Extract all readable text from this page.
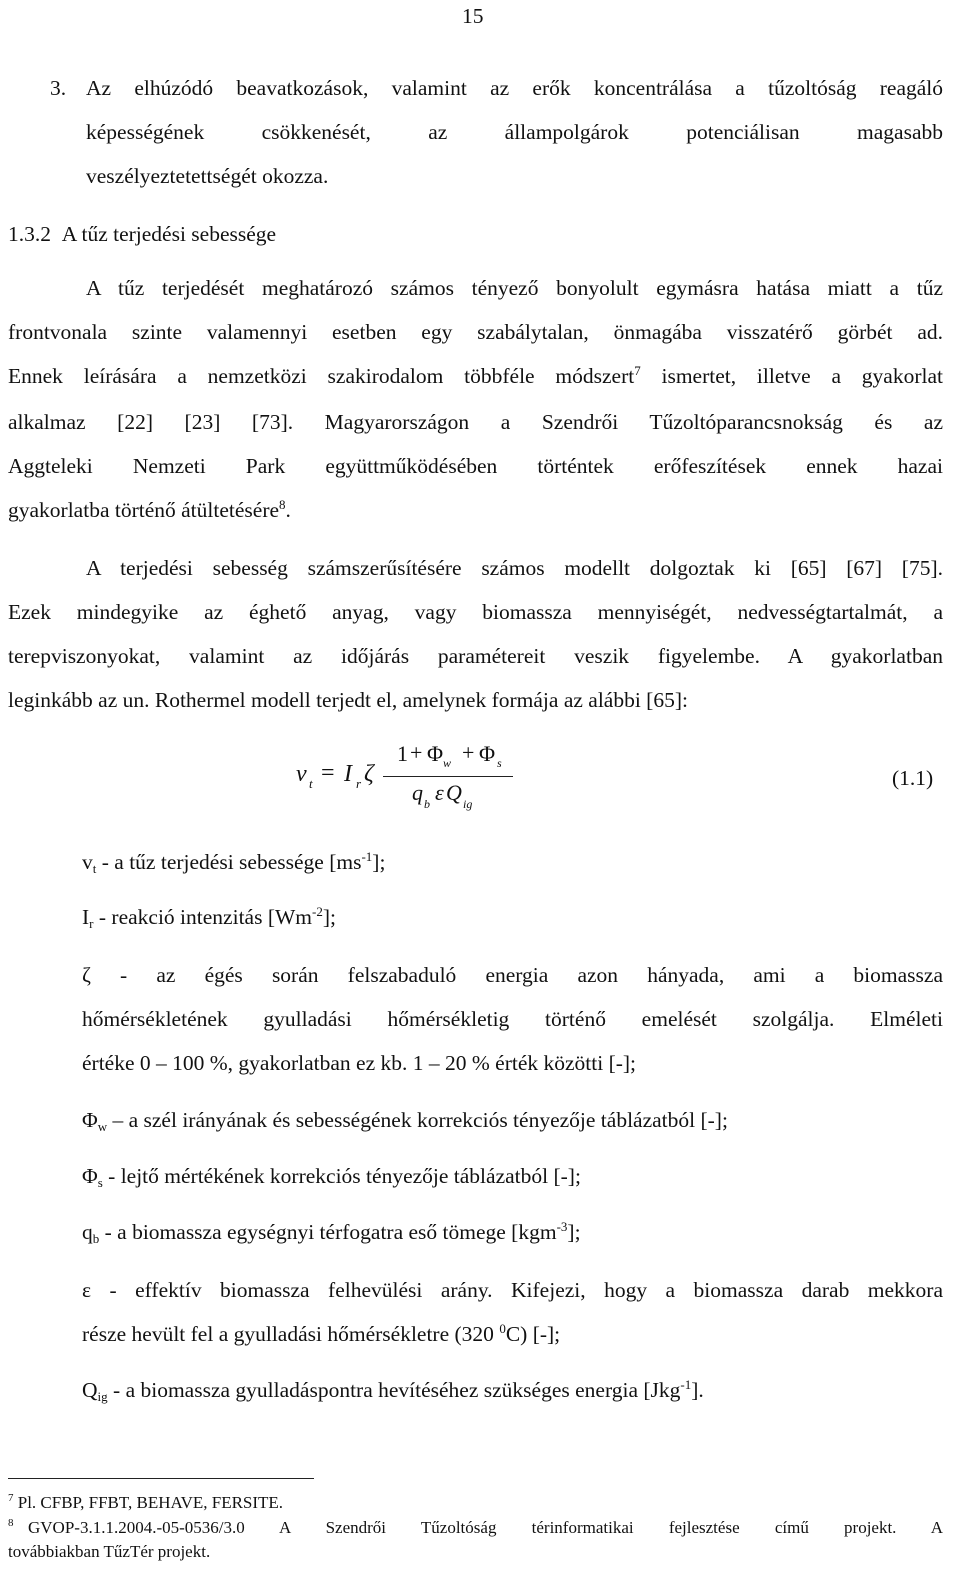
15
3. Az elhúzódó beavatkozások, valamint az erők koncentrálása a tűzoltóság reagáló
képességének csökkenését, az állampolgárok potenciálisan magasabb
veszélyeztetettségét okozza.
1.3.2 A tűz terjedési sebessége
A tűz terjedését meghatározó számos tényező bonyolult egymásra hatása miatt a tűz
frontvonala szinte valamennyi esetben egy szabálytalan, önmagába visszatérő görbét ad.
Ennek leírására a nemzetközi szakirodalom többféle módszert$^7$ ismertet, illetve a gyakorlat
alkalmaz [22] [23] [73]. Magyarországon a Szendrői Tűzoltóparancsnokság és az
Aggteleki Nemzeti Park együttműködésében történtek erőfeszítések ennek hazai
gyakorlatba történő átültetésére$^8$.
A terjedési sebesség számszerűsítésére számos modellt dolgoztak ki [65] [67] [75].
Ezek mindegyike az éghető anyag, vagy biomassza mennyiségét, nedvességtartalmát, a
terepviszonyokat, valamint az időjárás paramétereit veszik figyelembe. A gyakorlatban
leginkább az un. Rothermel modell terjedt el, amelynek formája az alábbi [65]:
v t = I r ζ
1 + Φ w + Φ s
q b ε Q ig
(1.1)
$v_t$ - a tűz terjedési sebessége $[ms^{-1}]$;
$I_r$ - reakció intenzitás $[Wm^{-2}]$;
ζ - az égés során felszabaduló energia azon hányada, ami a biomassza
hőmérsékletének gyulladási hőmérsékletig történő emelését szolgálja. Elméleti
értéke 0 – 100 %, gyakorlatban ez kb. 1 – 20 % érték közötti [-];
$\Phi_w$ – a szél irányának és sebességének korrekciós tényezője táblázatból [-];
$\Phi_s$ - lejtő mértékének korrekciós tényezője táblázatból [-];
$q_b$ - a biomassza egységnyi térfogatra eső tömege [kgm$^{-3}$];
ε - effektív biomassza felhevülési arány. Kifejezi, hogy a biomassza darab mekkora
része hevült fel a gyulladási hőmérsékletre (320 $^0$C) [-];
$Q_{ig}$ - a biomassza gyulladáspontra hevítéséhez szükséges energia [Jkg$^{-1}$].
$^7$ Pl. CFBP, FFBT, BEHAVE, FERSITE.
$^8$ GVOP-3.1.1.2004.-05-0536/3.0 A Szendrői Tűzoltóság térinformatikai fejlesztése című projekt. A
továbbiakban TűzTér projekt.
